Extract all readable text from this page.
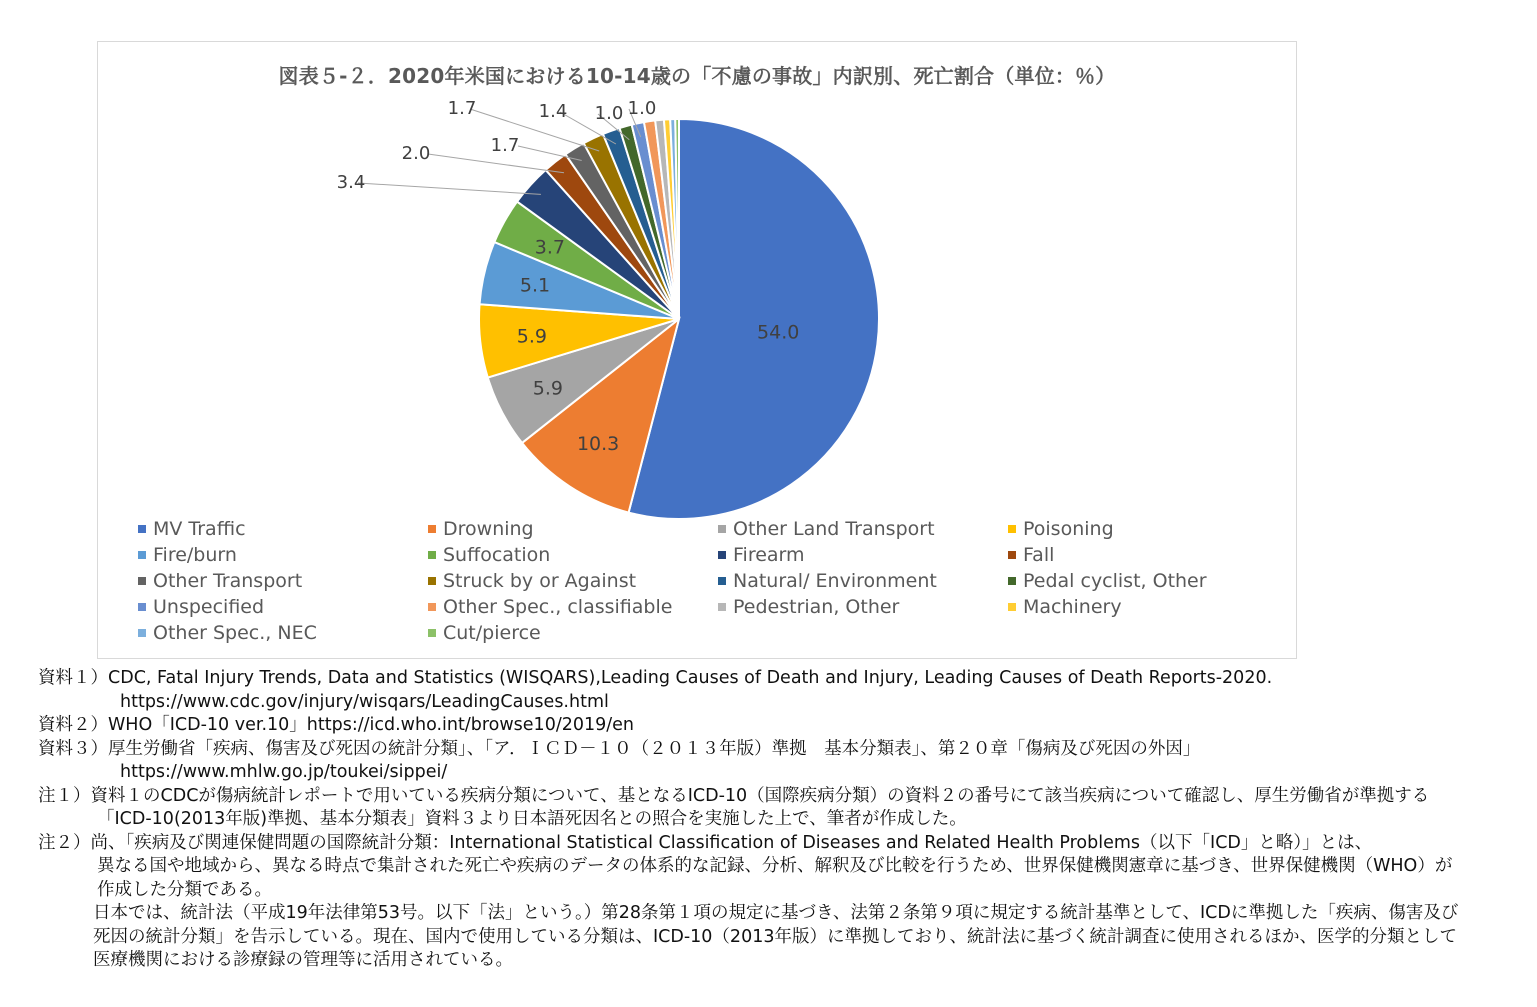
図表５-２．2020年米国における10-14歳の「不慮の事故」内訳別、死亡割合（単位：％）
54.0
10.3
5.9
5.9
5.1
3.7
3.4
2.0	1.7
1.7	1.4 1.0 1.0
MV Traffic	Drowning	Other Land Transport	Poisoning
Fire/burn	Suffocation	Firearm	Fall
Other Transport	Struck by or Against	Natural/ Environment	Pedal cyclist, Other
Unspecified	Other Spec., classifiable	Pedestrian, Other	Machinery
Other Spec., NEC	Cut/pierce
資料１）CDC, Fatal Injury Trends, Data and Statistics (WISQARS),Leading Causes of Death and Injury, Leading Causes of Death Reports-2020.
https://www.cdc.gov/injury/wisqars/LeadingCauses.html
資料２）WHO「ICD-10 ver.10」https://icd.who.int/browse10/2019/en
資料３）厚生労働省「疾病、傷害及び死因の統計分類」、「ア．ＩＣＤ－１０（２０１３年版）準拠　基本分類表」、第２０章「傷病及び死因の外因」
https://www.mhlw.go.jp/toukei/sippei/
注１）資料１のCDCが傷病統計レポートで用いている疾病分類について、基となるICD-10（国際疾病分類）の資料２の番号にて該当疾病について確認し、厚生労働省が準拠する
「ICD-10(2013年版)準拠、基本分類表」資料３より日本語死因名との照合を実施した上で、筆者が作成した。
注２）尚、「疾病及び関連保健問題の国際統計分類：International Statistical Classification of Diseases and Related Health Problems（以下「ICD」と略）」とは、
異なる国や地域から、異なる時点で集計された死亡や疾病のデータの体系的な記録、分析、解釈及び比較を行うため、世界保健機関憲章に基づき、世界保健機関（WHO）が
作成した分類である。
日本では、統計法（平成19年法律第53号。以下「法」という。）第28条第１項の規定に基づき、法第２条第９項に規定する統計基準として、ICDに準拠した「疾病、傷害及び
死因の統計分類」を告示している。現在、国内で使用している分類は、ICD-10（2013年版）に準拠しており、統計法に基づく統計調査に使用されるほか、医学的分類として
医療機関における診療録の管理等に活用されている。
